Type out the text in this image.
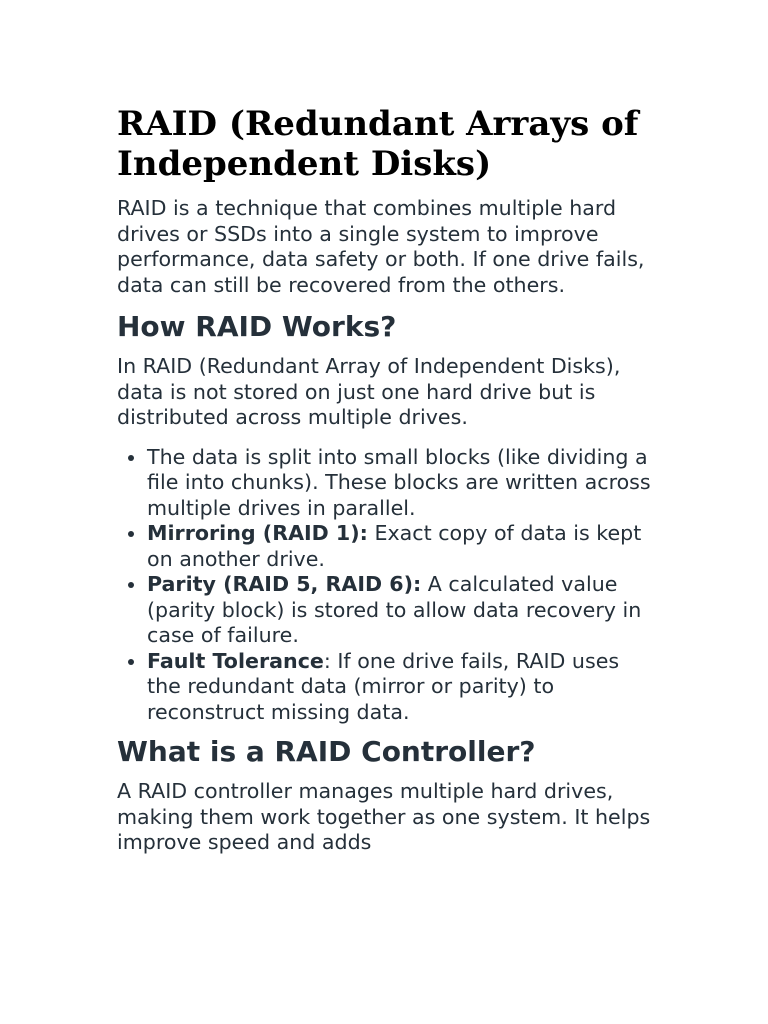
RAID (Redundant Arrays of Independent Disks)

RAID is a technique that combines multiple hard drives or SSDs into a single system to improve performance, data safety or both. If one drive fails, data can still be recovered from the others.

How RAID Works?

In RAID (Redundant Array of Independent Disks), data is not stored on just one hard drive but is distributed across multiple drives.

• The data is split into small blocks (like dividing a file into chunks). These blocks are written across multiple drives in parallel.
• Mirroring (RAID 1): Exact copy of data is kept on another drive.
• Parity (RAID 5, RAID 6): A calculated value (parity block) is stored to allow data recovery in case of failure.
• Fault Tolerance: If one drive fails, RAID uses the redundant data (mirror or parity) to reconstruct missing data.
What is a RAID Controller?

A RAID controller manages multiple hard drives, making them work together as one system. It helps improve speed and adds
